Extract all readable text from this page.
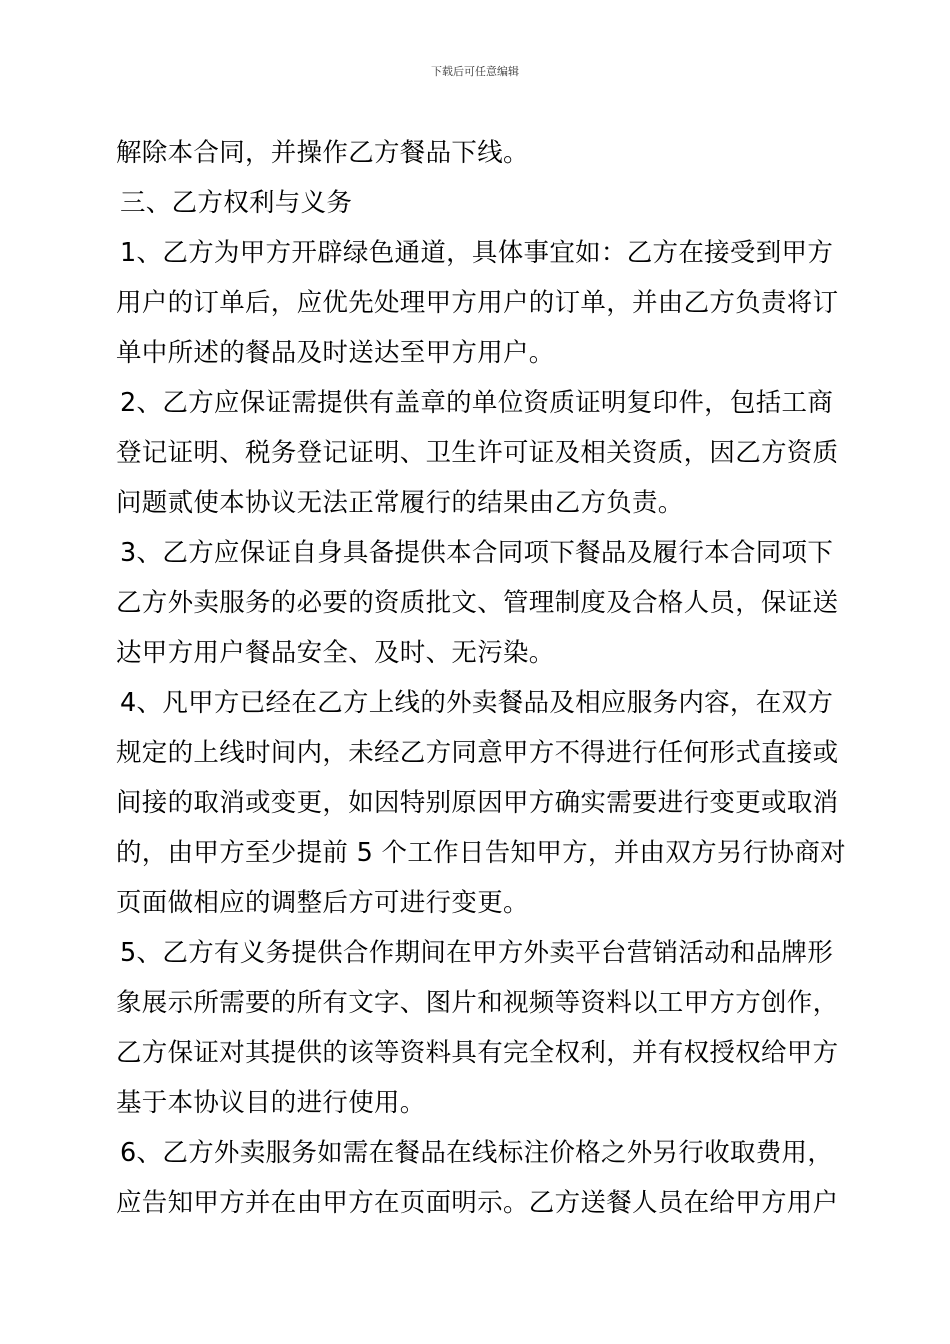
下载后可任意编辑
解除本合同，并操作乙方餐品下线。
三、乙方权利与义务
1、乙方为甲方开辟绿色通道，具体事宜如：乙方在接受到甲方
用户的订单后，应优先处理甲方用户的订单，并由乙方负责将订
单中所述的餐品及时送达至甲方用户。
2、乙方应保证需提供有盖章的单位资质证明复印件，包括工商
登记证明、税务登记证明、卫生许可证及相关资质，因乙方资质
问题贰使本协议无法正常履行的结果由乙方负责。
3、乙方应保证自身具备提供本合同项下餐品及履行本合同项下
乙方外卖服务的必要的资质批文、管理制度及合格人员，保证送
达甲方用户餐品安全、及时、无污染。
4、凡甲方已经在乙方上线的外卖餐品及相应服务内容，在双方
规定的上线时间内，未经乙方同意甲方不得进行任何形式直接或
间接的取消或变更，如因特别原因甲方确实需要进行变更或取消
的，由甲方至少提前 5 个工作日告知甲方，并由双方另行协商对
页面做相应的调整后方可进行变更。
5、乙方有义务提供合作期间在甲方外卖平台营销活动和品牌形
象展示所需要的所有文字、图片和视频等资料以工甲方方创作，
乙方保证对其提供的该等资料具有完全权利，并有权授权给甲方
基于本协议目的进行使用。
6、乙方外卖服务如需在餐品在线标注价格之外另行收取费用，
应告知甲方并在由甲方在页面明示。乙方送餐人员在给甲方用户
